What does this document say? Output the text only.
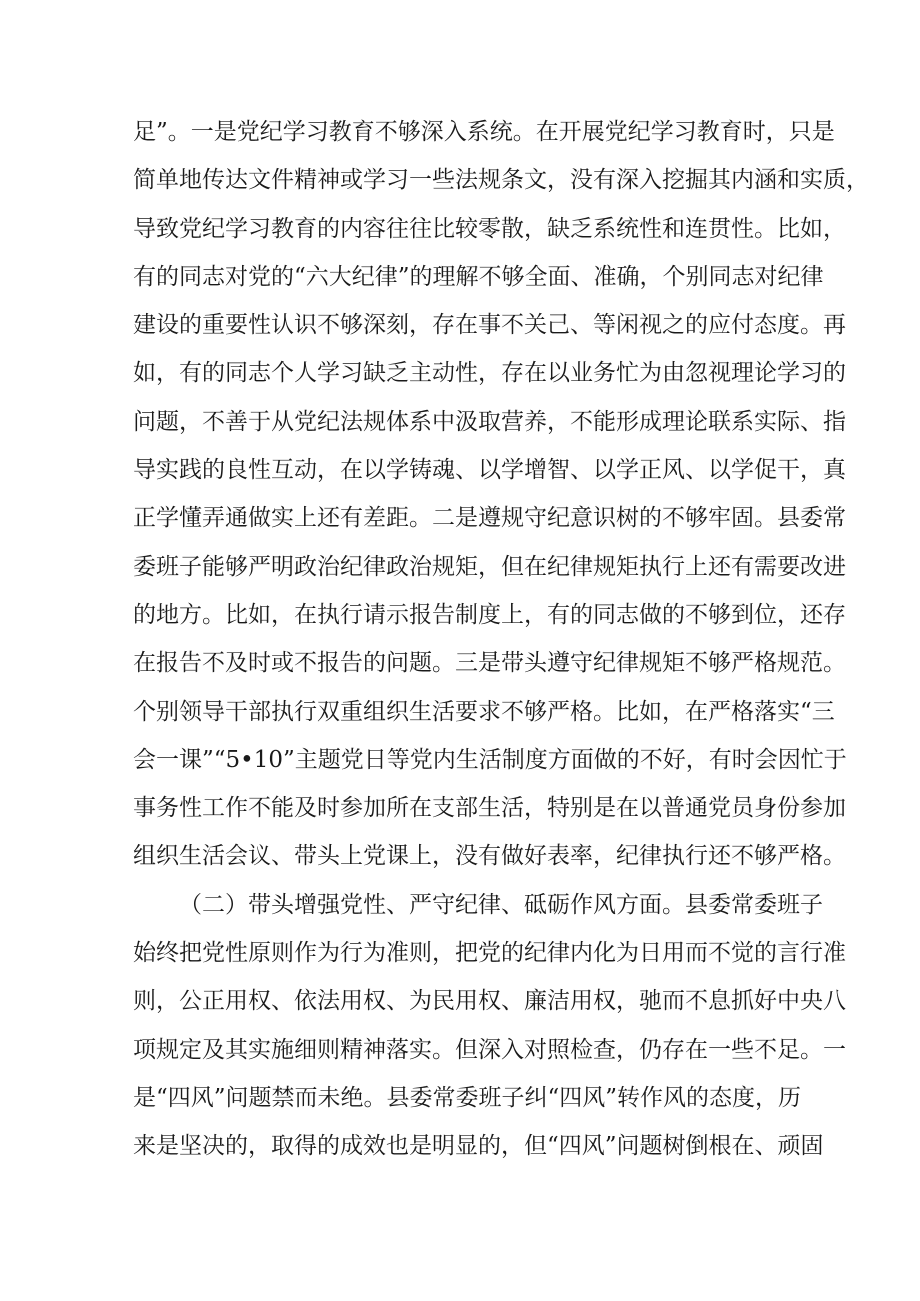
足”。一是党纪学习教育不够深入系统。在开展党纪学习教育时，只是
简单地传达文件精神或学习一些法规条文，没有深入挖掘其内涵和实质，
导致党纪学习教育的内容往往比较零散，缺乏系统性和连贯性。比如，
有的同志对党的“六大纪律”的理解不够全面、准确，个别同志对纪律
建设的重要性认识不够深刻，存在事不关己、等闲视之的应付态度。再
如，有的同志个人学习缺乏主动性，存在以业务忙为由忽视理论学习的
问题，不善于从党纪法规体系中汲取营养，不能形成理论联系实际、指
导实践的良性互动，在以学铸魂、以学增智、以学正风、以学促干，真
正学懂弄通做实上还有差距。二是遵规守纪意识树的不够牢固。县委常
委班子能够严明政治纪律政治规矩，但在纪律规矩执行上还有需要改进
的地方。比如，在执行请示报告制度上，有的同志做的不够到位，还存
在报告不及时或不报告的问题。三是带头遵守纪律规矩不够严格规范。
个别领导干部执行双重组织生活要求不够严格。比如，在严格落实“三
会一课”“5•10”主题党日等党内生活制度方面做的不好，有时会因忙于
事务性工作不能及时参加所在支部生活，特别是在以普通党员身份参加
组织生活会议、带头上党课上，没有做好表率，纪律执行还不够严格。
（二）带头增强党性、严守纪律、砥砺作风方面。县委常委班子
始终把党性原则作为行为准则，把党的纪律内化为日用而不觉的言行准
则，公正用权、依法用权、为民用权、廉洁用权，驰而不息抓好中央八
项规定及其实施细则精神落实。但深入对照检查，仍存在一些不足。一
是“四风”问题禁而未绝。县委常委班子纠“四风”转作风的态度，历
来是坚决的，取得的成效也是明显的，但“四风”问题树倒根在、顽固
